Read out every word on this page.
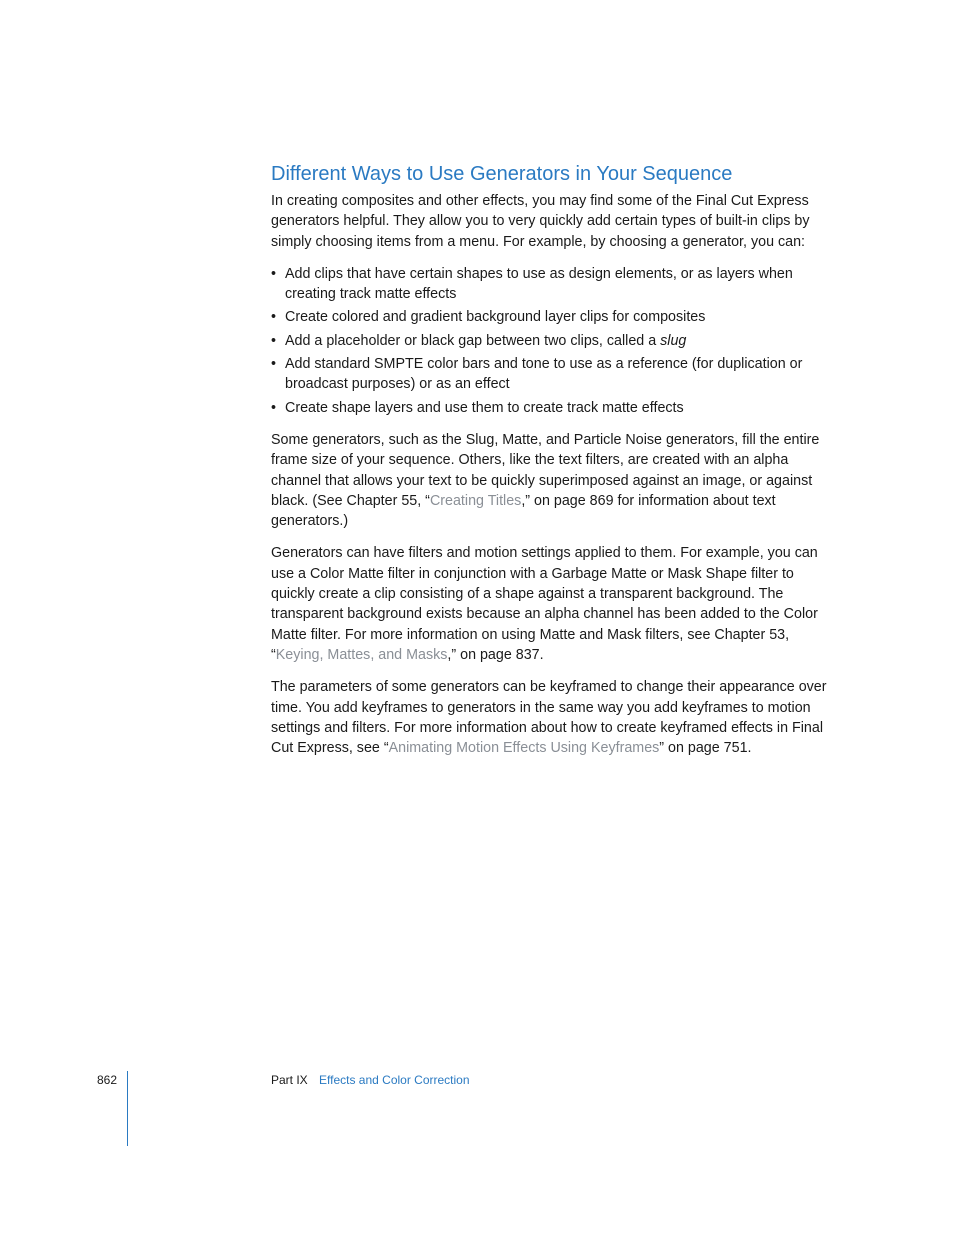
Different Ways to Use Generators in Your Sequence

In creating composites and other effects, you may find some of the Final Cut Express generators helpful. They allow you to very quickly add certain types of built-in clips by simply choosing items from a menu. For example, by choosing a generator, you can:

• Add clips that have certain shapes to use as design elements, or as layers when creating track matte effects
• Create colored and gradient background layer clips for composites
• Add a placeholder or black gap between two clips, called a slug
• Add standard SMPTE color bars and tone to use as a reference (for duplication or broadcast purposes) or as an effect
• Create shape layers and use them to create track matte effects

Some generators, such as the Slug, Matte, and Particle Noise generators, fill the entire frame size of your sequence. Others, like the text filters, are created with an alpha channel that allows your text to be quickly superimposed against an image, or against black. (See Chapter 55, “Creating Titles,” on page 869 for information about text generators.)

Generators can have filters and motion settings applied to them. For example, you can use a Color Matte filter in conjunction with a Garbage Matte or Mask Shape filter to quickly create a clip consisting of a shape against a transparent background. The transparent background exists because an alpha channel has been added to the Color Matte filter. For more information on using Matte and Mask filters, see Chapter 53, “Keying, Mattes, and Masks,” on page 837.

The parameters of some generators can be keyframed to change their appearance over time. You add keyframes to generators in the same way you add keyframes to motion settings and filters. For more information about how to create keyframed effects in Final Cut Express, see “Animating Motion Effects Using Keyframes” on page 751.

862	Part IX Effects and Color Correction
